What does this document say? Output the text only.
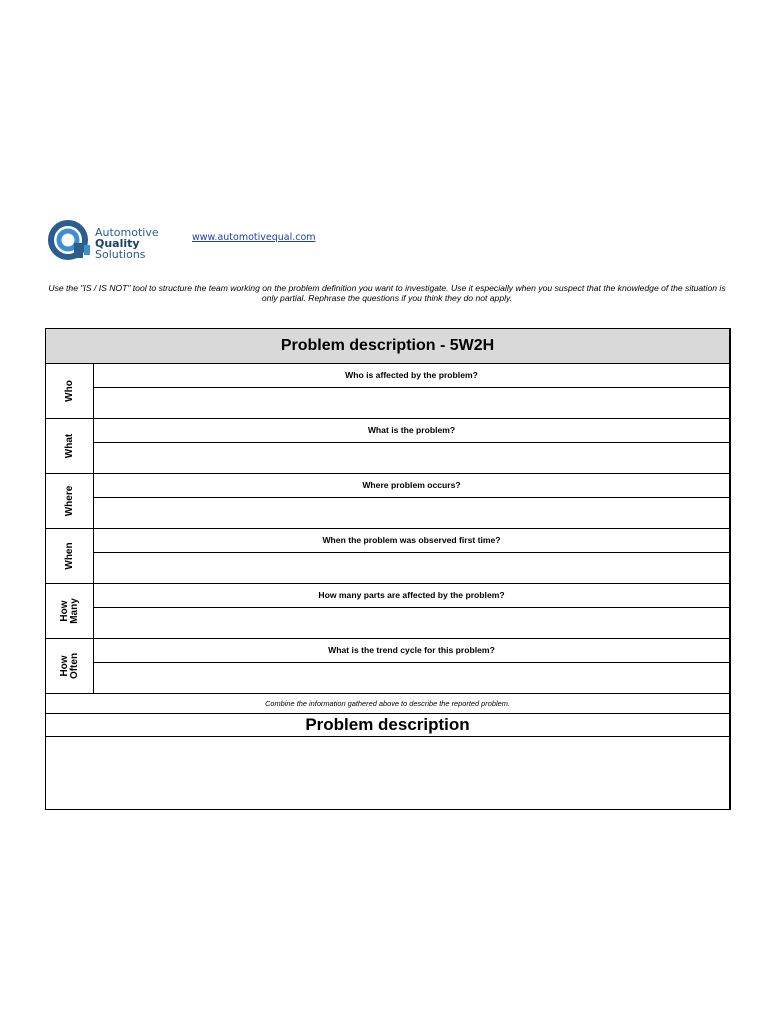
Automotive
Quality
Solutions
www.automotivequal.com
Use the "IS / IS NOT" tool to structure the team working on the problem definition you want to investigate. Use it especially when you suspect that the knowledge of the situation is only partial. Rephrase the questions if you think they do not apply.
Problem description - 5W2H
Who
Who is affected by the problem?
What
What is the problem?
Where
Where problem occurs?
When
When the problem was observed first time?
How
Many
How many parts are affected by the problem?
How
Often
What is the trend cycle for this problem?
Combine the information gathered above to describe the reported problem.
Problem description
